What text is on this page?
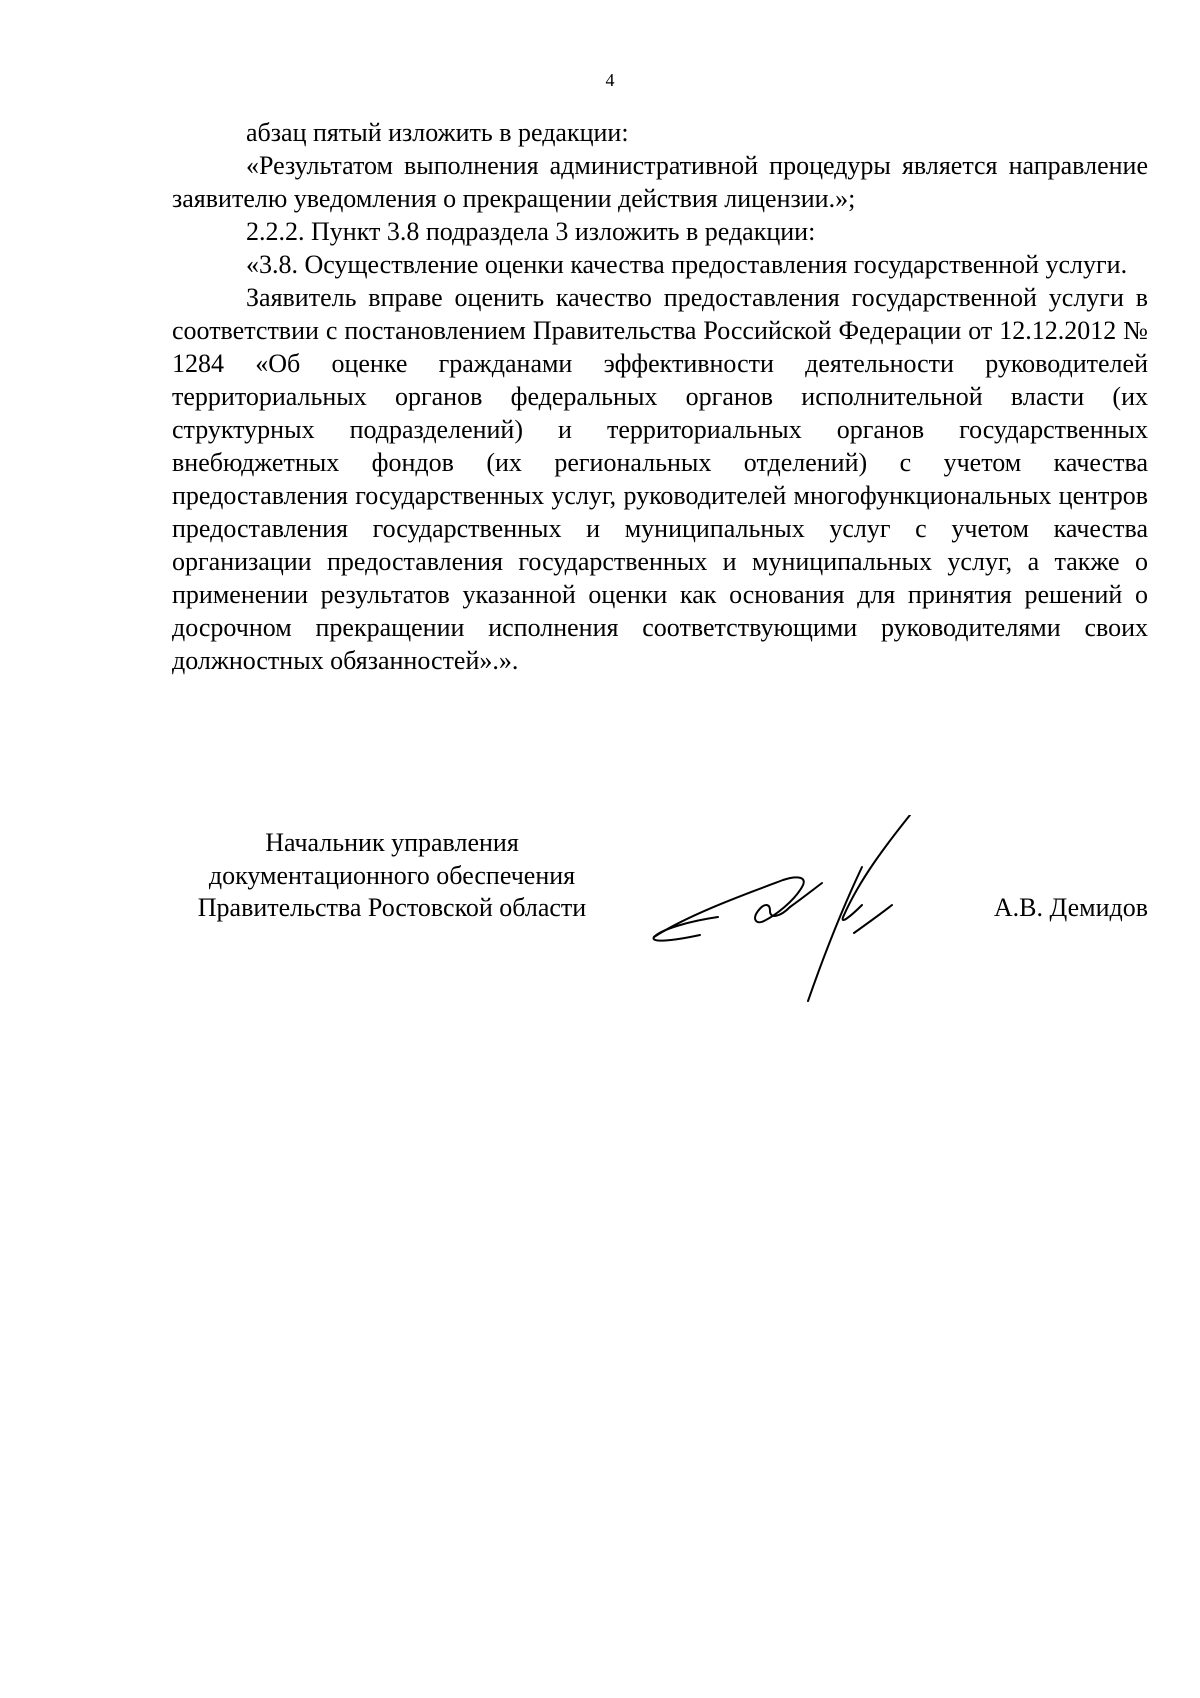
4

абзац пятый изложить в редакции:

«Результатом выполнения административной процедуры является направление заявителю уведомления о прекращении действия лицензии.»;

2.2.2. Пункт 3.8 подраздела 3 изложить в редакции:

«3.8. Осуществление оценки качества предоставления государственной услуги.

Заявитель вправе оценить качество предоставления государственной услуги в соответствии с постановлением Правительства Российской Федерации от 12.12.2012 № 1284 «Об оценке гражданами эффективности деятельности руководителей территориальных органов федеральных органов исполнительной власти (их структурных подразделений) и территориальных органов государственных внебюджетных фондов (их региональных отделений) с учетом качества предоставления государственных услуг, руководителей многофункциональных центров предоставления государственных и муниципальных услуг с учетом качества организации предоставления государственных и муниципальных услуг, а также о применении результатов указанной оценки как основания для принятия решений о досрочном прекращении исполнения соответствующими руководителями своих должностных обязанностей».».

Начальник управления
документационного обеспечения
Правительства Ростовской области	А.В. Демидов
